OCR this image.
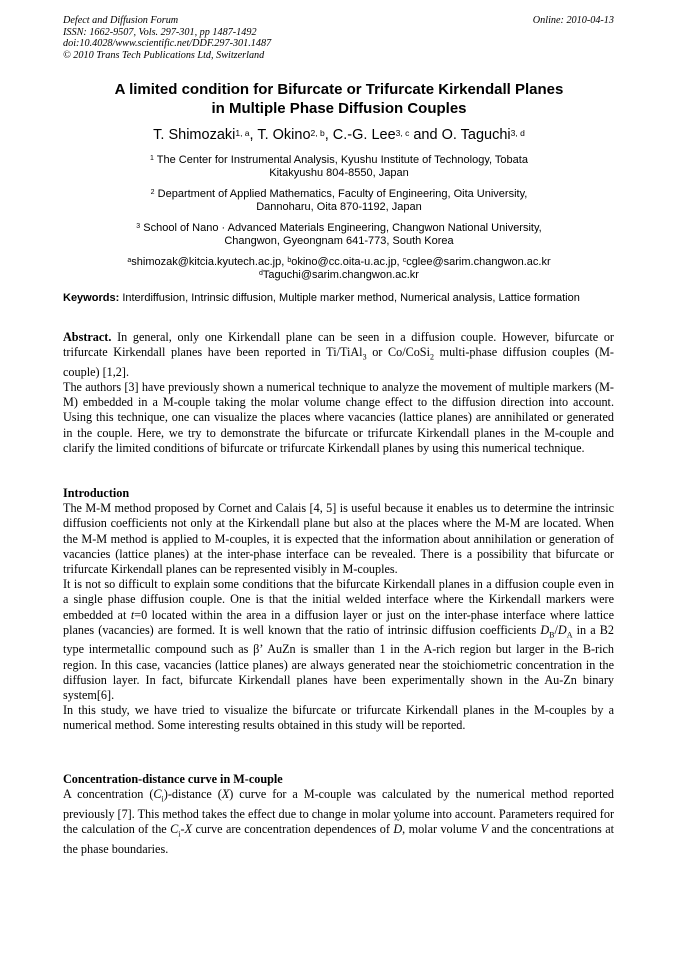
Defect and Diffusion Forum
ISSN: 1662-9507, Vols. 297-301, pp 1487-1492
doi:10.4028/www.scientific.net/DDF.297-301.1487
© 2010 Trans Tech Publications Ltd, Switzerland
Online: 2010-04-13
A limited condition for Bifurcate or Trifurcate Kirkendall Planes
in Multiple Phase Diffusion Couples
T. Shimozaki$^{1, a}$, T. Okino$^{2, b}$, C.-G. Lee$^{3, c}$ and O. Taguchi$^{3, d}$
$^1$ The Center for Instrumental Analysis, Kyushu Institute of Technology, Tobata
Kitakyushu 804-8550, Japan
$^2$ Department of Applied Mathematics, Faculty of Engineering, Oita University,
Dannoharu, Oita 870-1192, Japan
$^3$ School of Nano · Advanced Materials Engineering, Changwon National University,
Changwon, Gyeongnam 641-773, South Korea
$^a$shimozak@kitcia.kyutech.ac.jp, $^b$okino@cc.oita-u.ac.jp, $^c$cglee@sarim.changwon.ac.kr
$^d$Taguchi@sarim.changwon.ac.kr
Keywords: Interdiffusion, Intrinsic diffusion, Multiple marker method, Numerical analysis, Lattice formation

Abstract. In general, only one Kirkendall plane can be seen in a diffusion couple. However, bifurcate or trifurcate Kirkendall planes have been reported in Ti/TiAl$_3$ or Co/CoSi$_2$ multi-phase diffusion couples (M-couple) [1,2].

The authors [3] have previously shown a numerical technique to analyze the movement of multiple markers (M-M) embedded in a M-couple taking the molar volume change effect to the diffusion direction into account. Using this technique, one can visualize the places where vacancies (lattice planes) are annihilated or generated in the couple. Here, we try to demonstrate the bifurcate or trifurcate Kirkendall planes in the M-couple and clarify the limited conditions of bifurcate or trifurcate Kirkendall planes by using this numerical technique.

Introduction

The M-M method proposed by Cornet and Calais [4, 5] is useful because it enables us to determine the intrinsic diffusion coefficients not only at the Kirkendall plane but also at the places where the M-M are located. When the M-M method is applied to M-couples, it is expected that the information about annihilation or generation of vacancies (lattice planes) at the inter-phase interface can be revealed. There is a possibility that bifurcate or trifurcate Kirkendall planes can be represented visibly in M-couples.

It is not so difficult to explain some conditions that the bifurcate Kirkendall planes in a diffusion couple even in a single phase diffusion couple. One is that the initial welded interface where the Kirkendall markers were embedded at t=0 located within the area in a diffusion layer or just on the inter-phase interface where lattice planes (vacancies) are formed. It is well known that the ratio of intrinsic diffusion coefficients $D_B/D_A$ in a B2 type intermetallic compound such as β’ AuZn is smaller than 1 in the A-rich region but larger in the B-rich region. In this case, vacancies (lattice planes) are always generated near the stoichiometric concentration in the diffusion layer. In fact, bifurcate Kirkendall planes have been experimentally shown in the Au-Zn binary system[6].

In this study, we have tried to visualize the bifurcate or trifurcate Kirkendall planes in the M-couples by a numerical method. Some interesting results obtained in this study will be reported.

Concentration-distance curve in M-couple

A concentration $(C_i)$-distance (X) curve for a M-couple was calculated by the numerical method reported previously [7]. This method takes the effect due to change in molar volume into account. Parameters required for the calculation of the $C_i-X$ curve are concentration dependences of ~ D, molar volume V and the concentrations at the phase boundaries.
